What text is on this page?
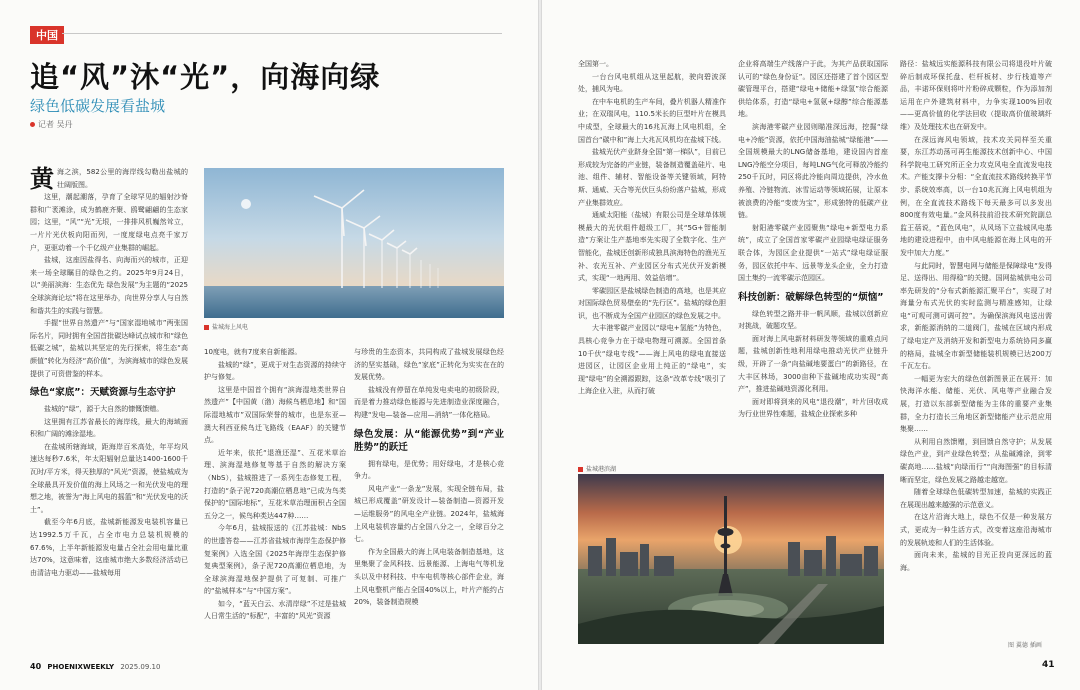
中国
追“风”沐“光”，向海向绿
绿色低碳发展看盐城
记者 吴丹

黄海之滨，582公里的海岸线勾勒出盐城的壮阔版图。

这里，潮起潮落，孕育了全球罕见的辐射沙脊群和广袤滩涂，成为鹤鹿齐聚、鸥鹭翩翩的生态家园；这里，“风”“光”无垠，一排排风机巍然耸立，一片片光伏板向阳而列，一度度绿电点亮千家万户，更驱动着一个千亿级产业集群的崛起。

盐城，这座因盐得名、向海而兴的城市，正迎来一场全球瞩目的绿色之约。2025年9月24日，以“美丽滨海：生态优先 绿色发展”为主题的“2025全球滨海论坛”将在这里举办，向世界分享人与自然和谐共生的实践与智慧。

手握“世界自然遗产”与“国家湿地城市”两张国际名片，同时拥有全国首批碳达峰试点城市和“绿色低碳之城”，盐城以其坚定的先行探索，将生态“高颜值”转化为经济“高价值”，为滨海城市的绿色发展提供了可资借鉴的样本。

绿色“家底”：天赋资源与生态守护

盐城的“绿”，源于大自然的慷慨馈赠。

这里拥有江苏省最长的海岸线，最大的海域面积和广阔的滩涂湿地。

在盐城所辖海域，距海岸百米高处，年平均风速达每秒7.6米，年太阳辐射总量达1400-1600千瓦时/平方米，得天独厚的“风光”资源，使盐城成为全球最具开发价值的海上风场之一和光伏发电的理想之地，被誉为“海上风电的摇篮”和“光伏发电的沃土”。

截至今年6月底，盐城新能源发电装机容量已达1992.5万千瓦，占全市电力总装机规模的67.6%，上半年新能源发电量占全社会用电量比重达70%，这意味着，这座城市绝大多数经济活动已由清洁电力驱动——盐城每用

盐城海上风电

10度电，就有7度来自新能源。

盐城的“绿”，更成于对生态资源的持续守护与修复。

这里是中国首个拥有“滨海湿地类世界自然遗产”【中国黄（渤）海候鸟栖息地】和“国际湿地城市”双国际荣誉的城市，也是东亚—澳大利西亚候鸟迁飞路线（EAAF）的关键节点。

近年来，依托“退渔还湿”、互花米草治理、滨海湿地修复等基于自然的解决方案（NbS），盐城推进了一系列生态修复工程，打造的“条子泥720高潮位栖息地”已成为鸟类保护的“国际地标”，互花米草治理面积占全国五分之一，候鸟种类达447种……

今年6月，盐城报送的《江苏盐城：NbS的世遗答卷——江苏省盐城市海岸生态保护修复案例》入选全国《2025年海岸生态保护修复典型案例》，条子泥720高潮位栖息地，为全球滨海湿地保护提供了可复制、可推广的“盐城样本”与“中国方案”。

如今，“蓝天白云、水清岸绿”不过是盐城人日常生活的“标配”，丰富的“风光”资源

与珍贵的生态资本，共同构成了盐城发展绿色经济的坚实基础，绿色“家底”正转化为实实在在的发展优势。

盐城没有停留在单纯发电卖电的初级阶段，而是着力推动绿色能源与先进制造业深度融合，构建“发电—装备—应用—消纳”一体化格局。

绿色发展：从“能源优势”到“产业胜势”的跃迁

拥有绿电，是优势；用好绿电，才是核心竞争力。

风电产业“一条龙”发展，实现全链布局，盐城已形成覆盖“研发设计—装备制造—资源开发—运维服务”的风电全产业链。2024年，盐城海上风电装机容量约占全国八分之一，全球百分之七。

作为全国最大的海上风电装备制造基地，这里集聚了金风科技、远景能源、上海电气等机龙头以及中材科技、中车电机等核心部件企业，海上风电整机产能占全国40%以上，叶片产能约占20%，装备制造规模

40 PHOENIXWEEKLY 2025.09.10

全国第一。

一台台风电机组从这里起航，驶向碧波深处，捕风为电。

在中车电机的生产车间，叠片机器人精准作业；在双瑞风电，110.5米长的巨型叶片在模具中成型，全球最大的16兆瓦海上风电机组，全国首台“碳中和”海上大兆瓦风机均在盐城下线。

盐城光伏产业跻身全国“第一梯队”，目前已形成较为完备的产业链，装备制造覆盖硅片、电池、组件、辅材、智能设备等关键领域，阿特斯、通威、天合等光伏巨头纷纷落户盐城，形成产业集群效应。

通威太阳能（盐城）有限公司是全球单体规模最大的光伏组件超级工厂，其“5G+智能制造”方案让生产基地率先实现了全数字化、生产智能化，盐城还创新形成独具滨海特色的渔光互补、农光互补、产业园区分布式光伏开发新模式，实现“一地两用、效益倍增”。

零碳园区是盐城绿色制造的高地，也是其应对国际绿色贸易壁垒的“先行区”。盐城的绿色胆识，也不断成为全国产业园区的绿色发展之中。

大丰港零碳产业园以“绿电+氢能”为特色，具核心竞争力在于绿电物理可溯源。全国首条10千伏“绿电专线”——海上风电的绿电直接送进园区，让园区企业用上纯正的“绿电”，实现“绿电”的全溯源跟踪，这条“改革专线”吸引了上海企业入驻，从而打破

企业将高端生产线落户于此，为其产品获取国际认可的“绿色身份证”。园区还搭建了首个园区型碳管理平台，搭建“绿电+储能+绿氢”综合能源供给体系，打造“绿电+氢氨+绿醇”综合能源基地。

滨海港零碳产业园则瞄准深远海，挖掘“绿电+冷能”资源，依托中国海油盐城“绿能港”——全国规模最大的LNG储备基地，建设国内首座LNG冷能空分项目，每吨LNG气化可释放冷能约250千瓦时，同区将此冷能向周边提供，冷水鱼养殖、冷链物流、冰雪运动等领域拓展，让原本被浪费的冷能“变废为宝”，形成独特的低碳产业链。

射阳港零碳产业园聚焦“绿电+新型电力系统”，成立了全国首家零碳产业园绿电绿证服务联合体，为园区企业提供“一站式”绿电绿证服务，园区依托中车、远景等龙头企业，全力打造国土集约一流零碳示范园区。

科技创新：破解绿色转型的“烦恼”

绿色转型之路并非一帆风顺，盐城以创新应对挑战，破题攻坚。

面对海上风电新材料研发等领域的重难点问题，盐城创新性地利用绿电推动光伏产业链升级，开辟了一条“向盐碱地要蛋白”的新路径，在大丰区林场，3000亩种下盐碱地成功实现“高产”，推进盐碱地资源化利用。

面对即将到来的风电“退役潮”，叶片回收成为行业世界性难题，盐城企业探索多种

路径：盐城远实能源科技有限公司将退役叶片破碎后制成环保托盘、栏杆板材、步行栈道等产品，丰诺环保则将叶片粉碎成颗粒，作为添加剂运用在户外建筑材料中，力争实现100%回收——更高价值的化学法回收（提取高价值玻璃纤维）及处理技术也在研发中。

在深远海风电领域，技术攻关同样至关重要，东江苏动荡可再生能源技术创新中心、中国科学院电工研究所正全力攻克风电全直流发电技术。产能支撑卡分相：“全直流技术路线转换平节步、系统效率高，以一台10兆瓦海上风电机组为例，在全直流技术路线下每天最多可以多发出800度有效电量。”金风科技前沿技术研究院副总监王蓓说，“蓝色风电”，从风场下立盐城风电基地的建设进程中，由中风电能源在海上风电的开发中加大力度。”

与此同时，智慧电网与储能是保障绿电“发得足、送得出、用得稳”的关键。国网盐城供电公司率先研发的“分布式新能源汇聚平台”，实现了对海量分布式光伏的实时监测与精准感知，让绿电“可观可测可调可控”。为确保滨海风电送出需求，新能源消纳的二道阀门，盐城在区域内形成了绿电定产及消纳开发和新型电力系统协同多赢的格局，盐城全市新型储能装机规模已达200万千瓦左右。

一幅更为宏大的绿色创新图景正在展开：加快海洋水能、储能、光伏、风电等产业融合发展，打造以东部新型储能为主体的重要产业集群，全力打造长三角地区新型储能产业示范应用集聚……

从利用自然馈赠，到回馈自然守护；从发展绿色产业，到产业绿色转型；从盐碱滩涂，到零碳高地……盐城“向绿而行”“向海图强”的目标清晰而坚定，绿色发展之路越走越宽。

随着全球绿色低碳转型加速，盐城的实践正在展现出越来越强的示范意义。

在这片沿海大地上，绿色不仅是一种发展方式，更成为一种生活方式，改变着这座沿海城市的发展轨迹和人们的生活体验。

面向未来，盐城的目光正投向更深远的蓝海。

盐城港滨湖
图 翼德 插画
41
